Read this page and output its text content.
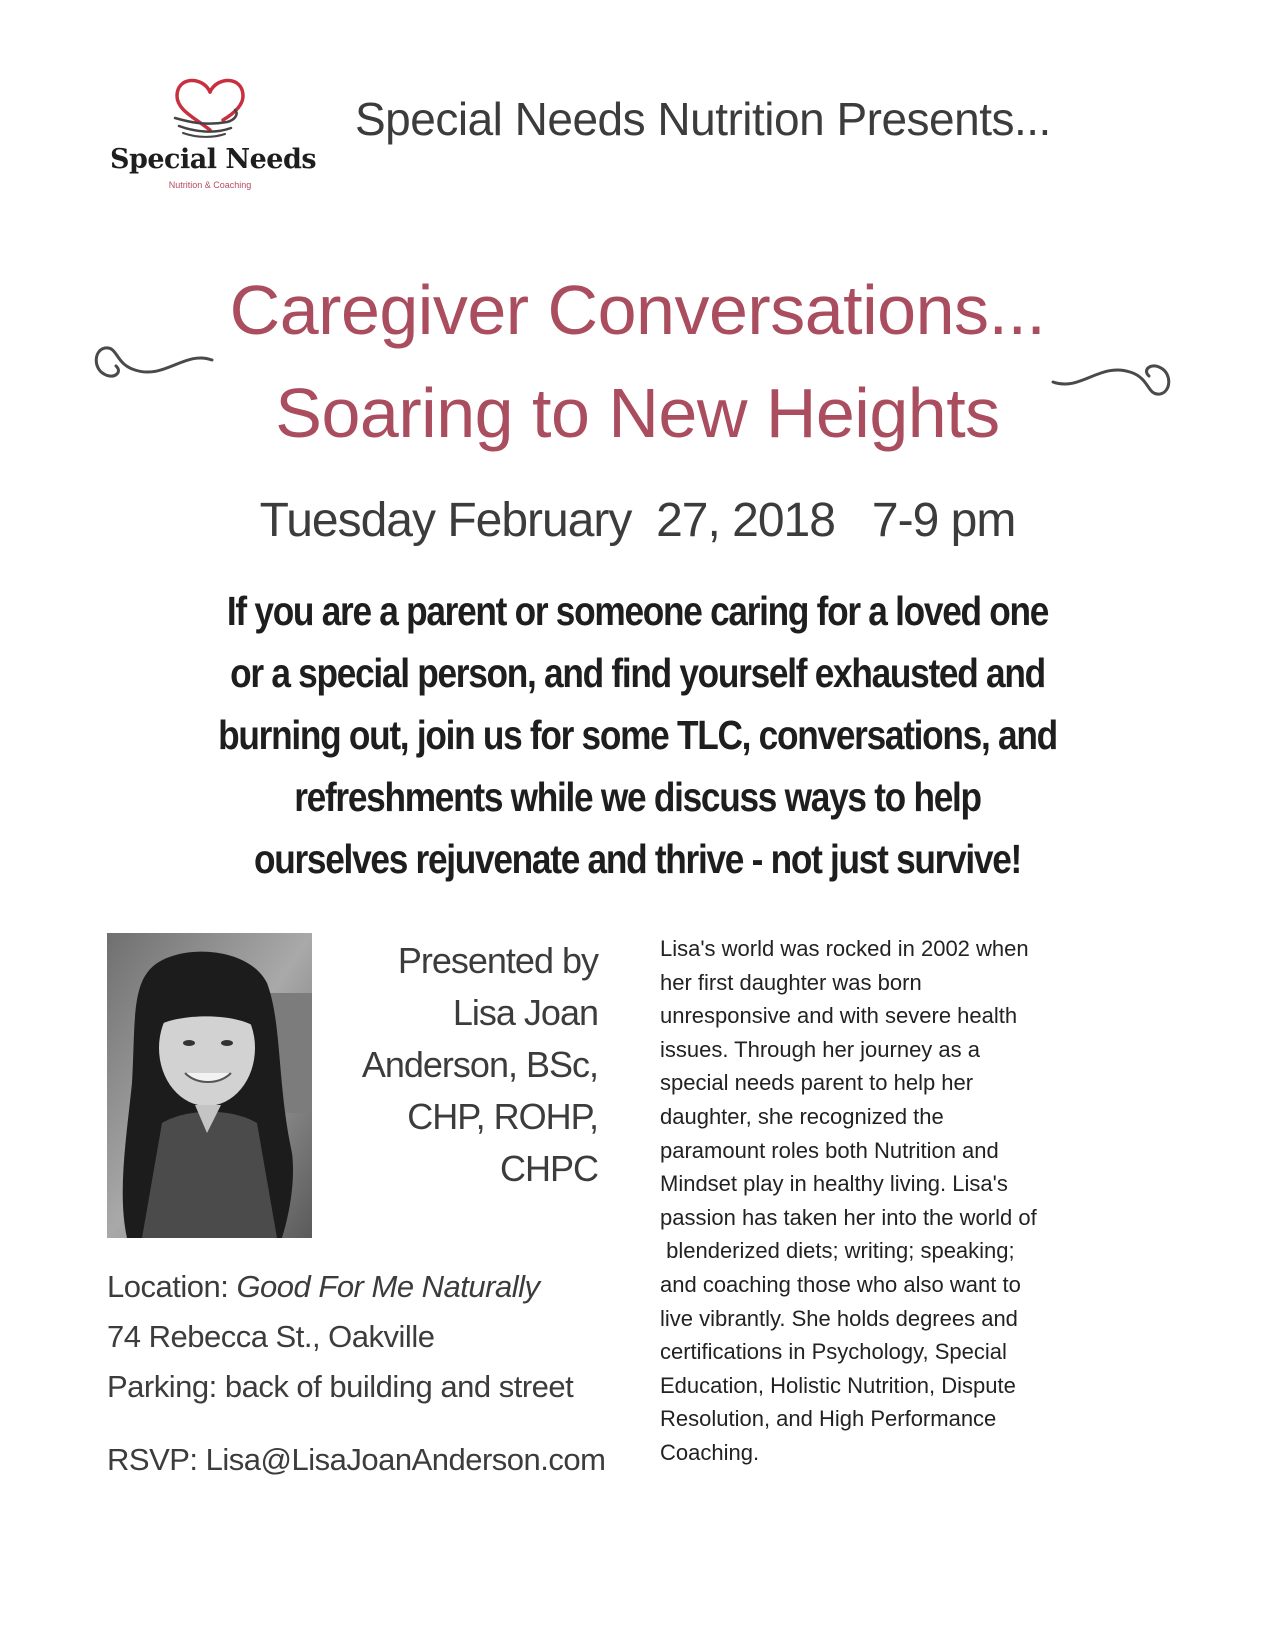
Special Needs
Nutrition & Coaching
Special Needs Nutrition Presents...
Caregiver Conversations...
Soaring to New Heights
Tuesday February  27, 2018   7-9 pm
If you are a parent or someone caring for a loved one
or a special person, and find yourself exhausted and
burning out, join us for some TLC, conversations, and
refreshments while we discuss ways to help
ourselves rejuvenate and thrive - not just survive!
Presented by
Lisa Joan
Anderson, BSc,
CHP, ROHP,
CHPC
Location: Good For Me Naturally
74 Rebecca St., Oakville
Parking: back of building and street
RSVP: Lisa@LisaJoanAnderson.com
Lisa's world was rocked in 2002 when
her first daughter was born
unresponsive and with severe health
issues. Through her journey as a
special needs parent to help her
daughter, she recognized the
paramount roles both Nutrition and
Mindset play in healthy living. Lisa's
passion has taken her into the world of
blenderized diets; writing; speaking;
and coaching those who also want to
live vibrantly. She holds degrees and
certifications in Psychology, Special
Education, Holistic Nutrition, Dispute
Resolution, and High Performance
Coaching.
